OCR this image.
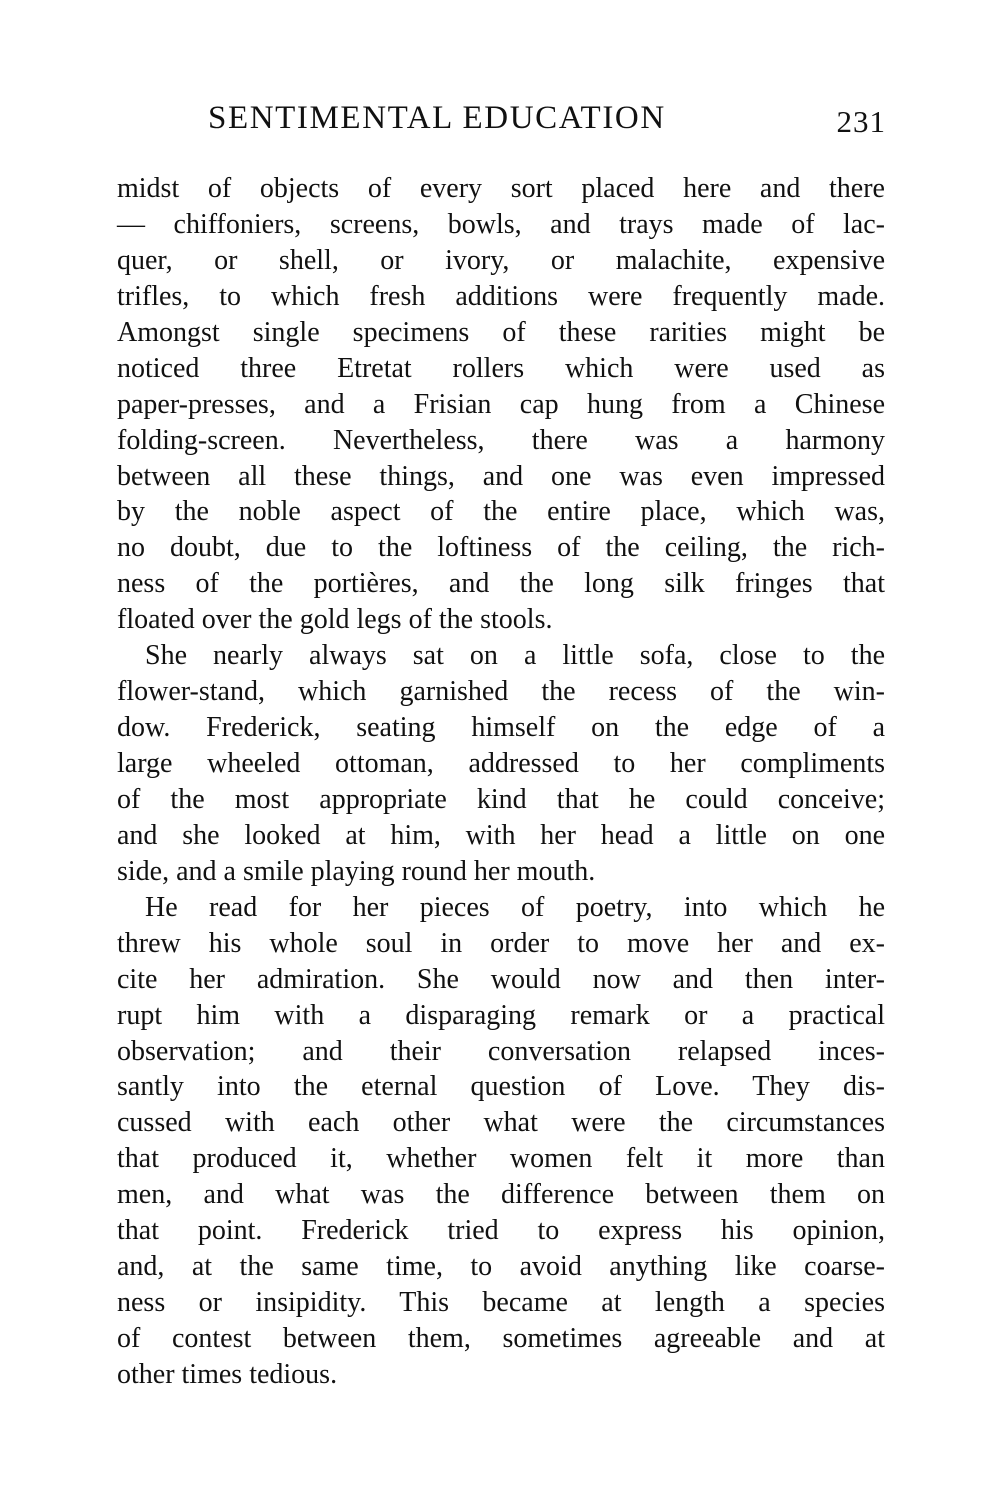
SENTIMENTAL EDUCATION	231
midst of objects of every sort placed here and there
— chiffoniers, screens, bowls, and trays made of lac-
quer, or shell, or ivory, or malachite, expensive
trifles, to which fresh additions were frequently made.
Amongst single specimens of these rarities might be
noticed three Etretat rollers which were used as
paper-presses, and a Frisian cap hung from a Chinese
folding-screen. Nevertheless, there was a harmony
between all these things, and one was even impressed
by the noble aspect of the entire place, which was,
no doubt, due to the loftiness of the ceiling, the rich-
ness of the portières, and the long silk fringes that
floated over the gold legs of the stools.
She nearly always sat on a little sofa, close to the
flower-stand, which garnished the recess of the win-
dow. Frederick, seating himself on the edge of a
large wheeled ottoman, addressed to her compliments
of the most appropriate kind that he could conceive;
and she looked at him, with her head a little on one
side, and a smile playing round her mouth.
He read for her pieces of poetry, into which he
threw his whole soul in order to move her and ex-
cite her admiration. She would now and then inter-
rupt him with a disparaging remark or a practical
observation; and their conversation relapsed inces-
santly into the eternal question of Love. They dis-
cussed with each other what were the circumstances
that produced it, whether women felt it more than
men, and what was the difference between them on
that point. Frederick tried to express his opinion,
and, at the same time, to avoid anything like coarse-
ness or insipidity. This became at length a species
of contest between them, sometimes agreeable and at
other times tedious.
